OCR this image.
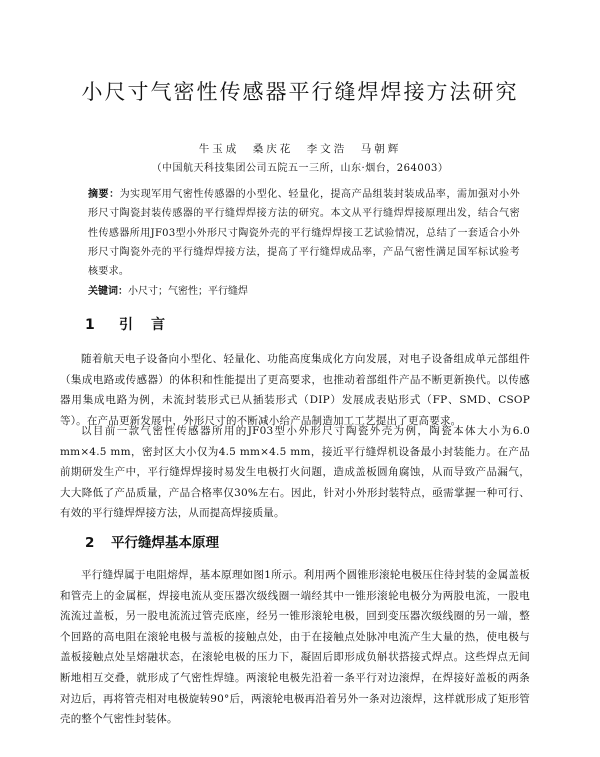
小尺寸气密性传感器平行缝焊焊接方法研究
牛玉成　桑庆花　李文浩　马朝辉
（中国航天科技集团公司五院五一三所，山东·烟台，264003）
摘要：为实现军用气密性传感器的小型化、轻量化，提高产品组装封装成品率，需加强对小外形尺寸陶瓷封装传感器的平行缝焊焊接方法的研究。本文从平行缝焊焊接原理出发，结合气密性传感器所用JF03型小外形尺寸陶瓷外壳的平行缝焊焊接工艺试验情况，总结了一套适合小外形尺寸陶瓷外壳的平行缝焊焊接方法，提高了平行缝焊成品率，产品气密性满足国军标试验考核要求。
关键词：小尺寸；气密性；平行缝焊
1 引言

随着航天电子设备向小型化、轻量化、功能高度集成化方向发展，对电子设备组成单元部组件（集成电路或传感器）的体积和性能提出了更高要求，也推动着部组件产品不断更新换代。以传感器用集成电路为例，未流封装形式已从插装形式（DIP）发展成表贴形式（FP、SMD、CSOP等）。在产品更新发展中，外形尺寸的不断减小给产品制造加工工艺提出了更高要求。

以目前一款气密性传感器所用的JF03型小外形尺寸陶瓷外壳为例，陶瓷本体大小为6.0 mm×4.5 mm，密封区大小仅为4.5 mm×4.5 mm，接近平行缝焊机设备最小封装能力。在产品前期研发生产中，平行缝焊焊接时易发生电极打火问题，造成盖板圆角腐蚀，从而导致产品漏气，大大降低了产品质量，产品合格率仅30%左右。因此，针对小外形封装特点，亟需掌握一种可行、有效的平行缝焊焊接方法，从而提高焊接质量。

2 平行缝焊基本原理

平行缝焊属于电阻熔焊，基本原理如图1所示。利用两个圆锥形滚轮电极压住待封装的金属盖板和管壳上的金属框，焊接电流从变压器次级线圈一端经其中一锥形滚轮电极分为两股电流，一股电流流过盖板，另一股电流流过管壳底座，经另一锥形滚轮电极，回到变压器次级线圈的另一端，整个回路的高电阻在滚轮电极与盖板的接触点处，由于在接触点处脉冲电流产生大量的热，使电极与盖板接触点处呈熔融状态，在滚轮电极的压力下，凝固后即形成负斛状搭接式焊点。这些焊点无间断地相互交叠，就形成了气密性焊缝。两滚轮电极先沿着一条平行对边滚焊，在焊接好盖板的两条对边后，再将管壳相对电极旋转90°后，两滚轮电极再沿着另外一条对边滚焊，这样就形成了矩形管壳的整个气密性封装体。
